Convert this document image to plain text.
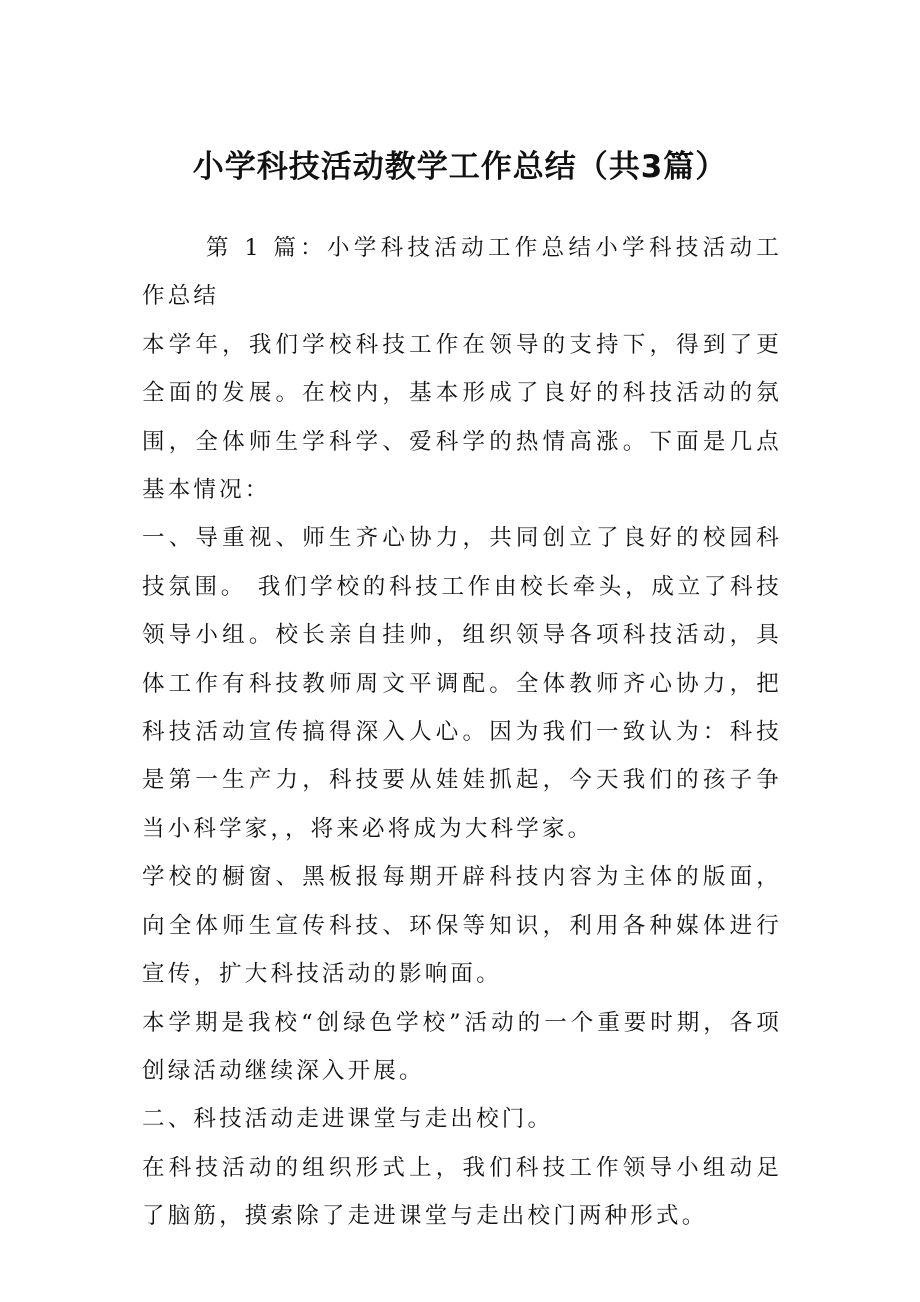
小学科技活动教学工作总结（共3篇）

第 1 篇：小学科技活动工作总结小学科技活动工作总结

本学年，我们学校科技工作在领导的支持下，得到了更全面的发展。在校内，基本形成了良好的科技活动的氛围，全体师生学科学、爱科学的热情高涨。下面是几点基本情况：

一、导重视、师生齐心协力，共同创立了良好的校园科技氛围。 我们学校的科技工作由校长牵头，成立了科技领导小组。校长亲自挂帅，组织领导各项科技活动，具体工作有科技教师周文平调配。全体教师齐心协力，把科技活动宣传搞得深入人心。因为我们一致认为：科技是第一生产力，科技要从娃娃抓起，今天我们的孩子争当小科学家，，将来必将成为大科学家。

学校的橱窗、黑板报每期开辟科技内容为主体的版面，向全体师生宣传科技、环保等知识，利用各种媒体进行宣传，扩大科技活动的影响面。

本学期是我校“创绿色学校”活动的一个重要时期，各项创绿活动继续深入开展。

二、科技活动走进课堂与走出校门。

在科技活动的组织形式上，我们科技工作领导小组动足了脑筋，摸索除了走进课堂与走出校门两种形式。
